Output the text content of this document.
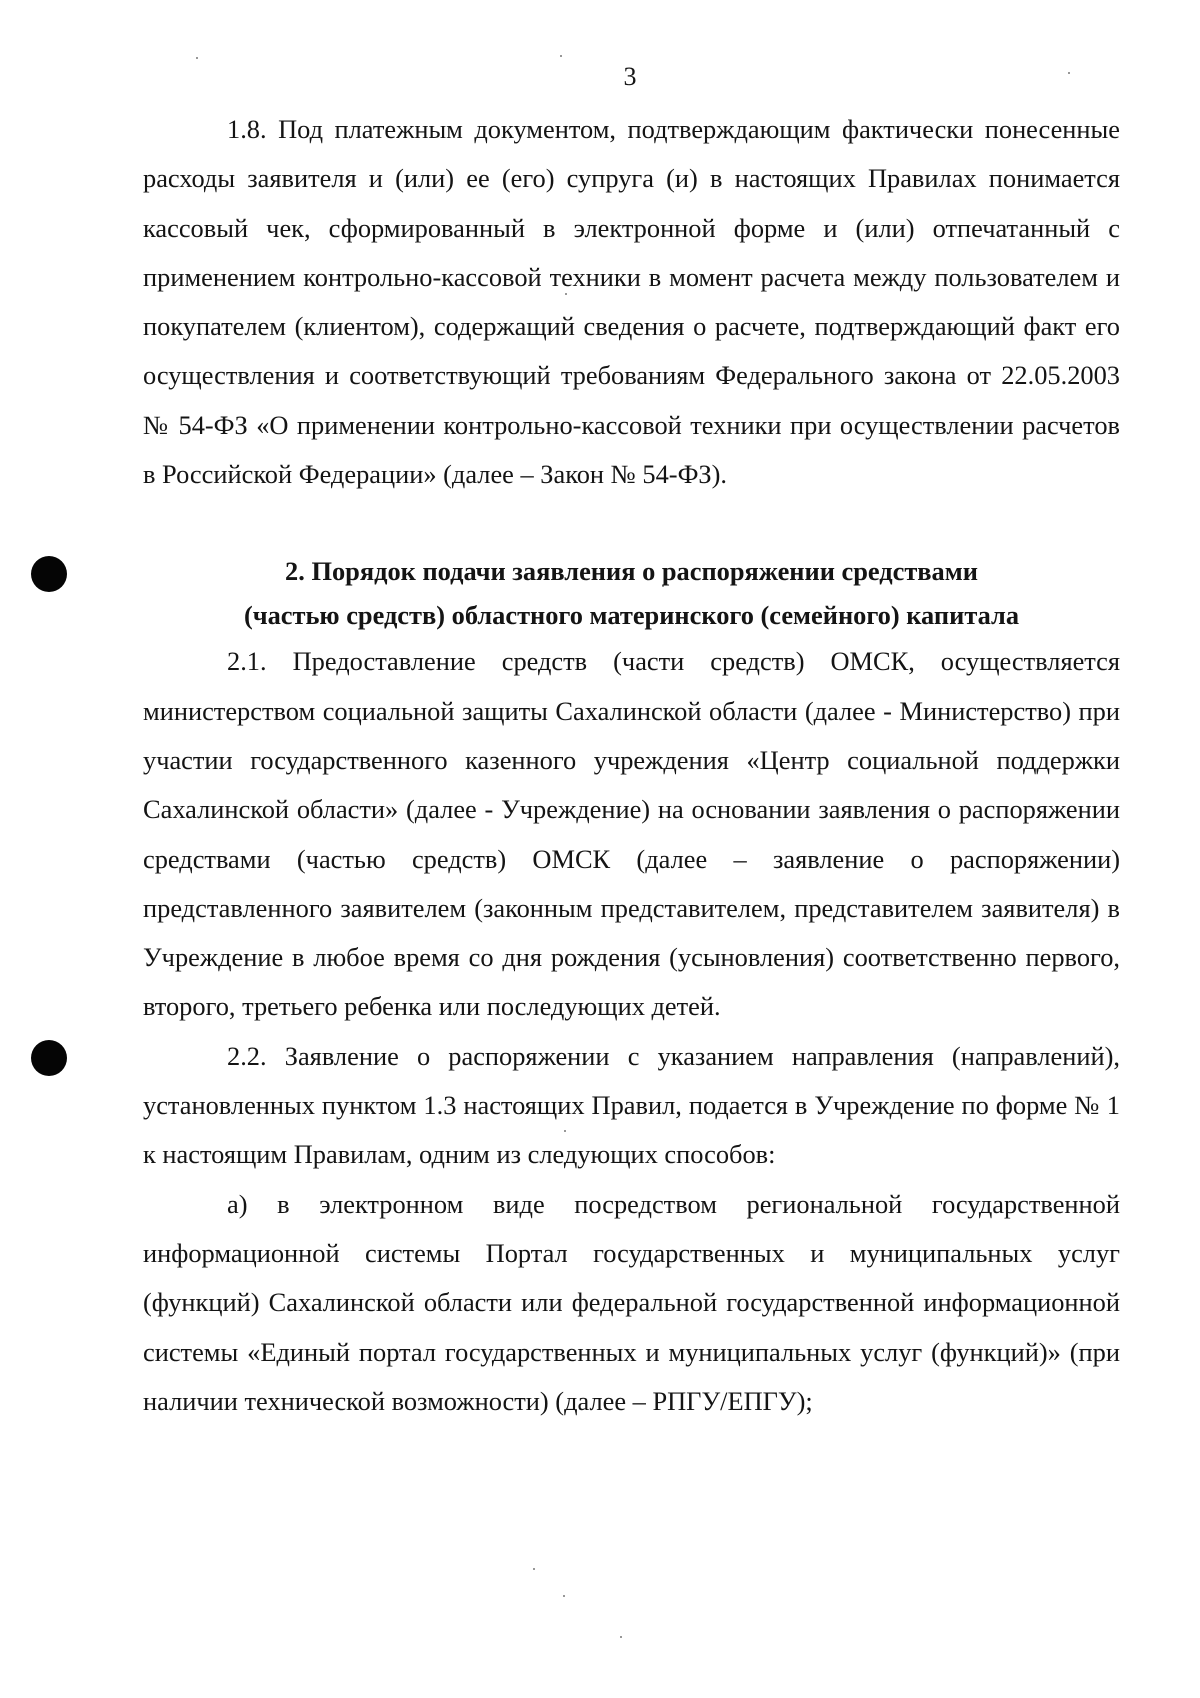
3

1.8. Под платежным документом, подтверждающим фактически понесенные расходы заявителя и (или) ее (его) супруга (и) в настоящих Правилах понимается кассовый чек, сформированный в электронной форме и (или) отпечатанный с применением контрольно-кассовой техники в момент расчета между пользователем и покупателем (клиентом), содержащий сведения о расчете, подтверждающий факт его осуществления и соответствующий требованиям Федерального закона от 22.05.2003 № 54-ФЗ «О применении контрольно-кассовой техники при осуществлении расчетов в Российской Федерации» (далее – Закон № 54-ФЗ).

2. Порядок подачи заявления о распоряжении средствами
(частью средств) областного материнского (семейного) капитала

2.1. Предоставление средств (части средств) ОМСК, осуществляется министерством социальной защиты Сахалинской области (далее - Министерство) при участии государственного казенного учреждения «Центр социальной поддержки Сахалинской области» (далее - Учреждение) на основании заявления о распоряжении средствами (частью средств) ОМСК (далее – заявление о распоряжении) представленного заявителем (законным представителем, представителем заявителя) в Учреждение в любое время со дня рождения (усыновления) соответственно первого, второго, третьего ребенка или последующих детей.

2.2. Заявление о распоряжении с указанием направления (направлений), установленных пунктом 1.3 настоящих Правил, подается в Учреждение по форме № 1 к настоящим Правилам, одним из следующих способов:

а) в электронном виде посредством региональной государственной информационной системы Портал государственных и муниципальных услуг (функций) Сахалинской области или федеральной государственной информационной системы «Единый портал государственных и муниципальных услуг (функций)» (при наличии технической возможности) (далее – РПГУ/ЕПГУ);
